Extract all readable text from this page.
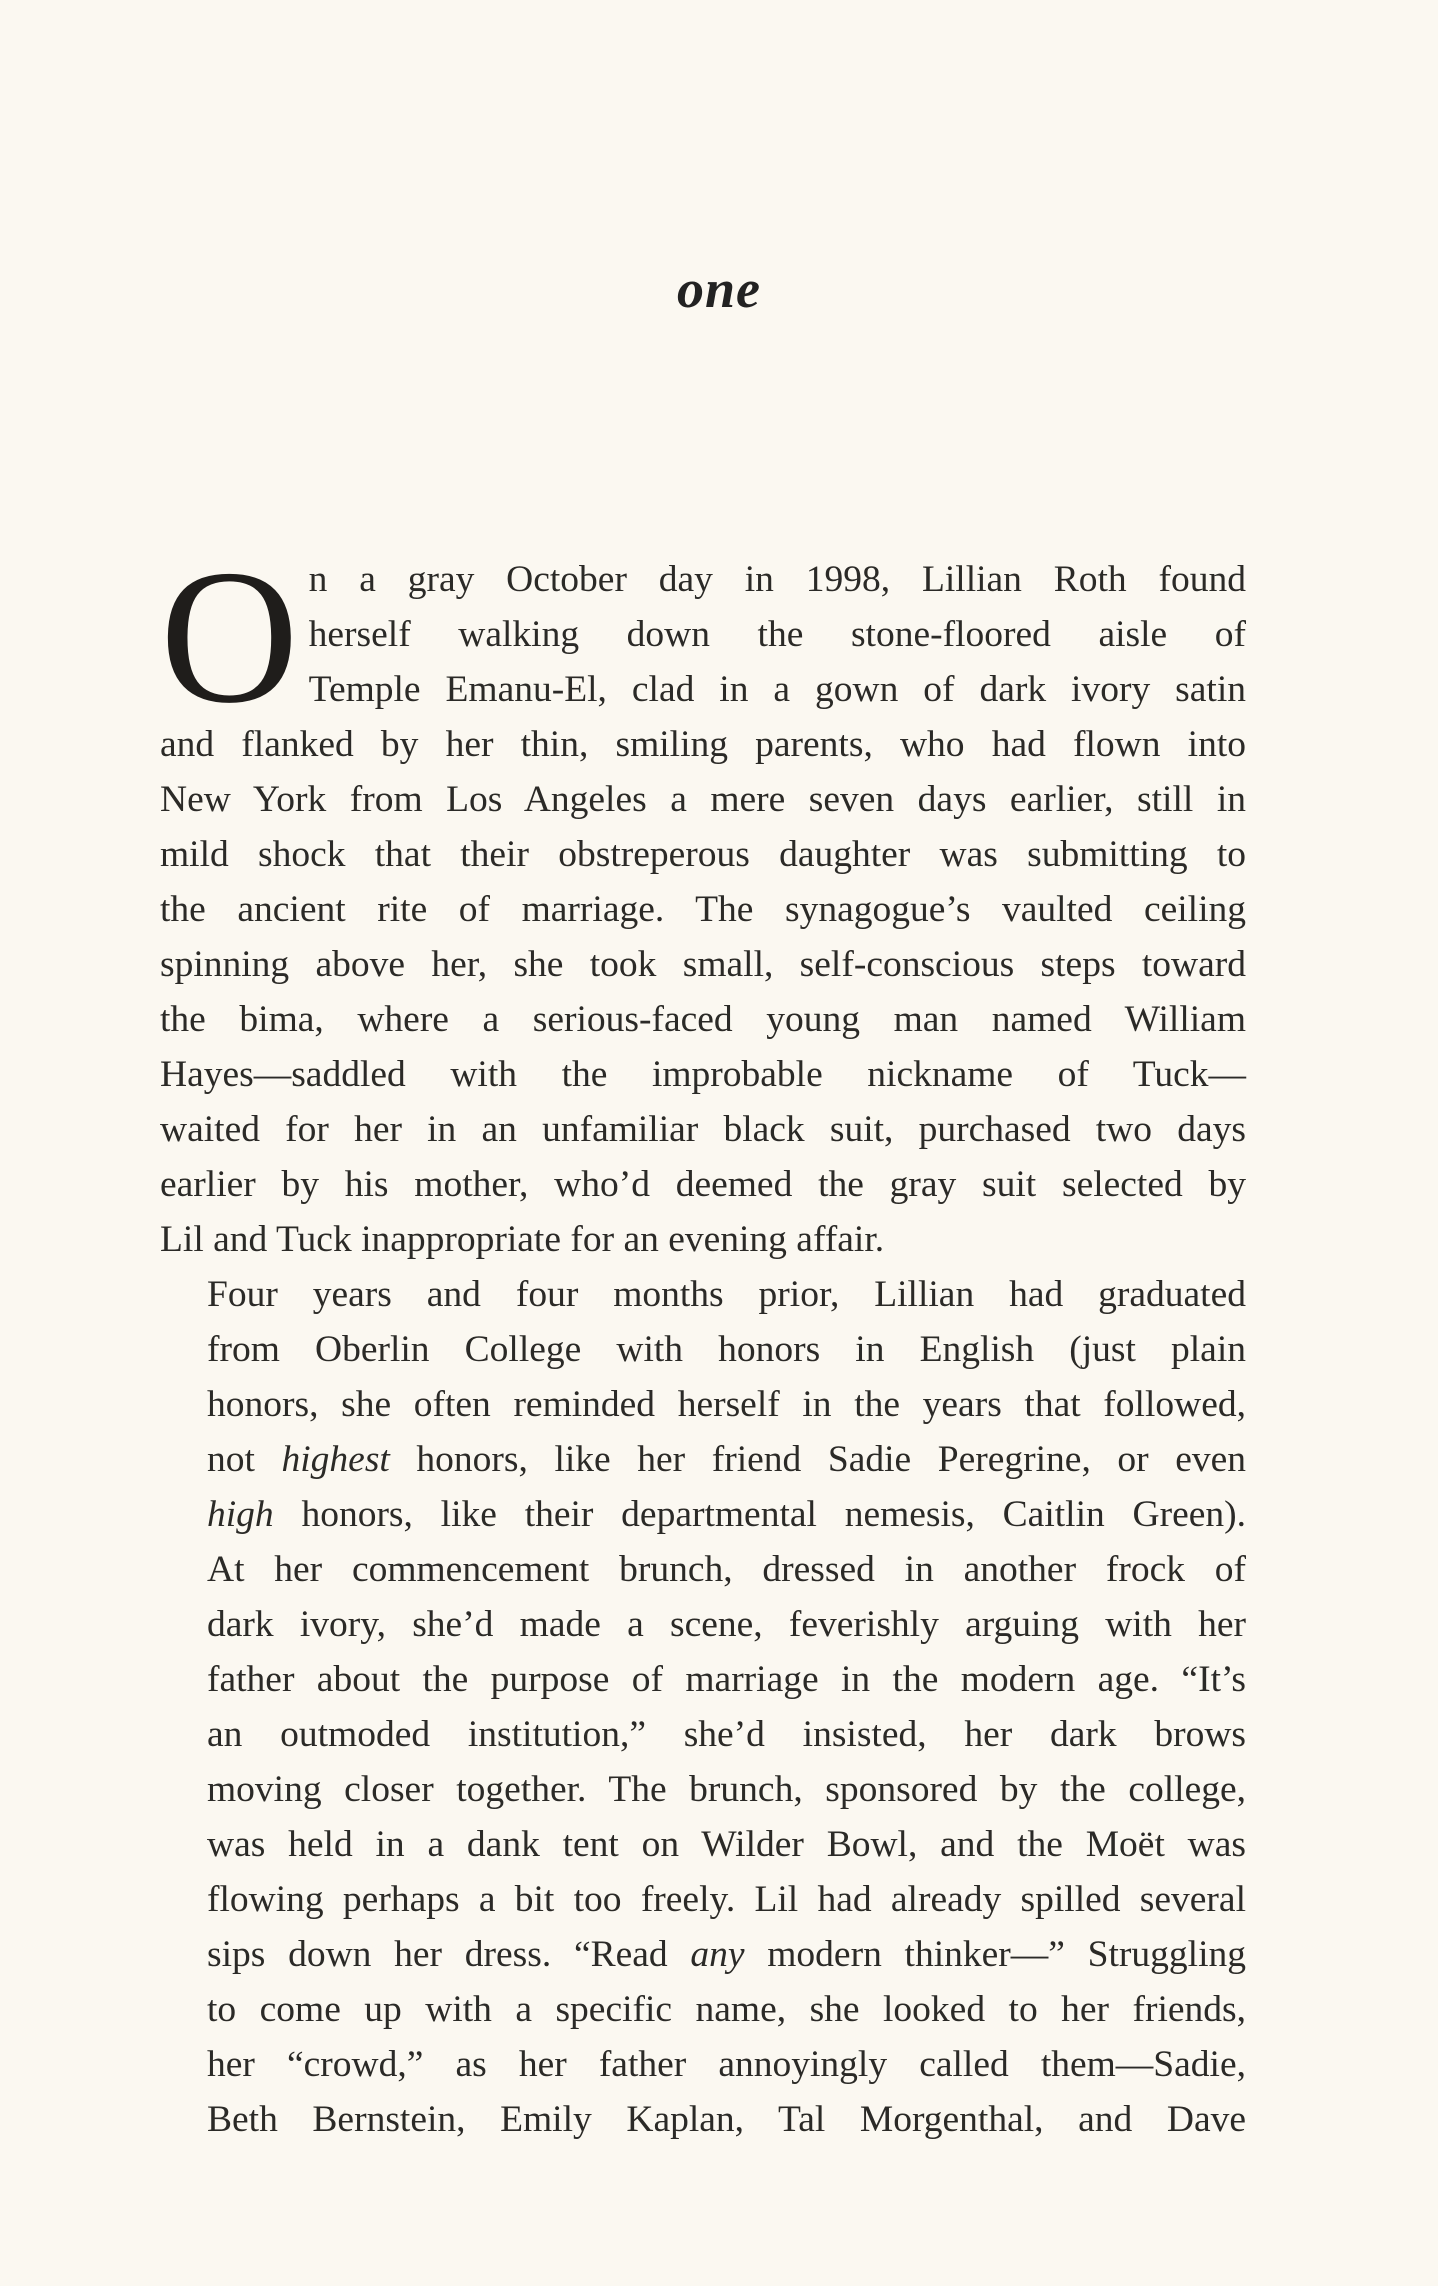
one
O n a gray October day in 1998, Lillian Roth found
herself walking down the stone-floored aisle of
Temple Emanu-El, clad in a gown of dark ivory satin
and flanked by her thin, smiling parents, who had flown into
New York from Los Angeles a mere seven days earlier, still in
mild shock that their obstreperous daughter was submitting to
the ancient rite of marriage. The synagogue’s vaulted ceiling
spinning above her, she took small, self-conscious steps toward
the bima, where a serious-faced young man named William
Hayes—saddled with the improbable nickname of Tuck—
waited for her in an unfamiliar black suit, purchased two days
earlier by his mother, who’d deemed the gray suit selected by
Lil and Tuck inappropriate for an evening affair.
Four years and four months prior, Lillian had graduated
from Oberlin College with honors in English (just plain
honors, she often reminded herself in the years that followed,
not highest honors, like her friend Sadie Peregrine, or even
high honors, like their departmental nemesis, Caitlin Green).
At her commencement brunch, dressed in another frock of
dark ivory, she’d made a scene, feverishly arguing with her
father about the purpose of marriage in the modern age. “It’s
an outmoded institution,” she’d insisted, her dark brows
moving closer together. The brunch, sponsored by the college,
was held in a dank tent on Wilder Bowl, and the Moët was
flowing perhaps a bit too freely. Lil had already spilled several
sips down her dress. “Read any modern thinker—” Struggling
to come up with a specific name, she looked to her friends,
her “crowd,” as her father annoyingly called them—Sadie,
Beth Bernstein, Emily Kaplan, Tal Morgenthal, and Dave
